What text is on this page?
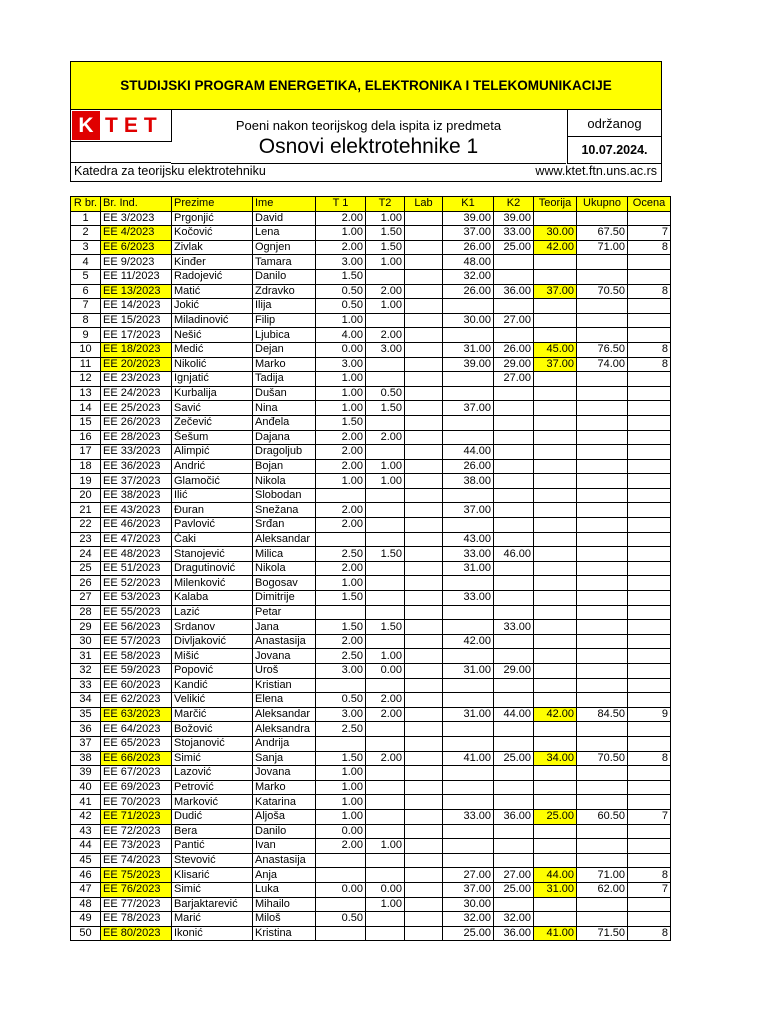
STUDIJSKI PROGRAM ENERGETIKA, ELEKTRONIKA I TELEKOMUNIKACIJE
K TET	Poeni nakon teorijskog dela ispita iz predmeta
Osnovi elektrotehnike 1
održanog
10.07.2024.
Katedra za teorijsku elektrotehniku	www.ktet.ftn.uns.ac.rs
R br.	Br. Ind.	Prezime	Ime	T 1	T2	Lab	K1	K2	Teorija	Ukupno	Ocena
1	EE 3/2023	Prgonjić	David	2.00	1.00		39.00	39.00			
2	EE 4/2023	Kočović	Lena	1.00	1.50		37.00	33.00	30.00	67.50	7
3	EE 6/2023	Zivlak	Ognjen	2.00	1.50		26.00	25.00	42.00	71.00	8
4	EE 9/2023	Kinđer	Tamara	3.00	1.00		48.00				
5	EE 11/2023	Radojević	Danilo	1.50			32.00				
6	EE 13/2023	Matić	Zdravko	0.50	2.00		26.00	36.00	37.00	70.50	8
7	EE 14/2023	Jokić	Ilija	0.50	1.00						
8	EE 15/2023	Miladinović	Filip	1.00			30.00	27.00			
9	EE 17/2023	Nešić	Ljubica	4.00	2.00						
10	EE 18/2023	Medić	Dejan	0.00	3.00		31.00	26.00	45.00	76.50	8
11	EE 20/2023	Nikolić	Marko	3.00			39.00	29.00	37.00	74.00	8
12	EE 23/2023	Ignjatić	Tadija	1.00				27.00			
13	EE 24/2023	Kurbalija	Dušan	1.00	0.50						
14	EE 25/2023	Savić	Nina	1.00	1.50		37.00				
15	EE 26/2023	Zečević	Anđela	1.50							
16	EE 28/2023	Šešum	Dajana	2.00	2.00						
17	EE 33/2023	Alimpić	Dragoljub	2.00			44.00				
18	EE 36/2023	Andrić	Bojan	2.00	1.00		26.00				
19	EE 37/2023	Glamočić	Nikola	1.00	1.00		38.00				
20	EE 38/2023	Ilić	Slobodan								
21	EE 43/2023	Đuran	Snežana	2.00			37.00				
22	EE 46/2023	Pavlović	Srđan	2.00							
23	EE 47/2023	Čaki	Aleksandar				43.00				
24	EE 48/2023	Stanojević	Milica	2.50	1.50		33.00	46.00			
25	EE 51/2023	Dragutinović	Nikola	2.00			31.00				
26	EE 52/2023	Milenković	Bogosav	1.00							
27	EE 53/2023	Kalaba	Dimitrije	1.50			33.00				
28	EE 55/2023	Lazić	Petar								
29	EE 56/2023	Srdanov	Jana	1.50	1.50			33.00			
30	EE 57/2023	Divljaković	Anastasija	2.00			42.00				
31	EE 58/2023	Mišić	Jovana	2.50	1.00						
32	EE 59/2023	Popović	Uroš	3.00	0.00		31.00	29.00			
33	EE 60/2023	Kandić	Kristian								
34	EE 62/2023	Velikić	Elena	0.50	2.00						
35	EE 63/2023	Marčić	Aleksandar	3.00	2.00		31.00	44.00	42.00	84.50	9
36	EE 64/2023	Božović	Aleksandra	2.50							
37	EE 65/2023	Stojanović	Andrija								
38	EE 66/2023	Simić	Sanja	1.50	2.00		41.00	25.00	34.00	70.50	8
39	EE 67/2023	Lazović	Jovana	1.00							
40	EE 69/2023	Petrović	Marko	1.00							
41	EE 70/2023	Marković	Katarina	1.00							
42	EE 71/2023	Dudić	Aljoša	1.00			33.00	36.00	25.00	60.50	7
43	EE 72/2023	Bera	Danilo	0.00							
44	EE 73/2023	Pantić	Ivan	2.00	1.00						
45	EE 74/2023	Stevović	Anastasija								
46	EE 75/2023	Klisarić	Anja				27.00	27.00	44.00	71.00	8
47	EE 76/2023	Simić	Luka	0.00	0.00		37.00	25.00	31.00	62.00	7
48	EE 77/2023	Barjaktarević	Mihailo		1.00		30.00				
49	EE 78/2023	Marić	Miloš	0.50			32.00	32.00			
50	EE 80/2023	Ikonić	Kristina				25.00	36.00	41.00	71.50	8
